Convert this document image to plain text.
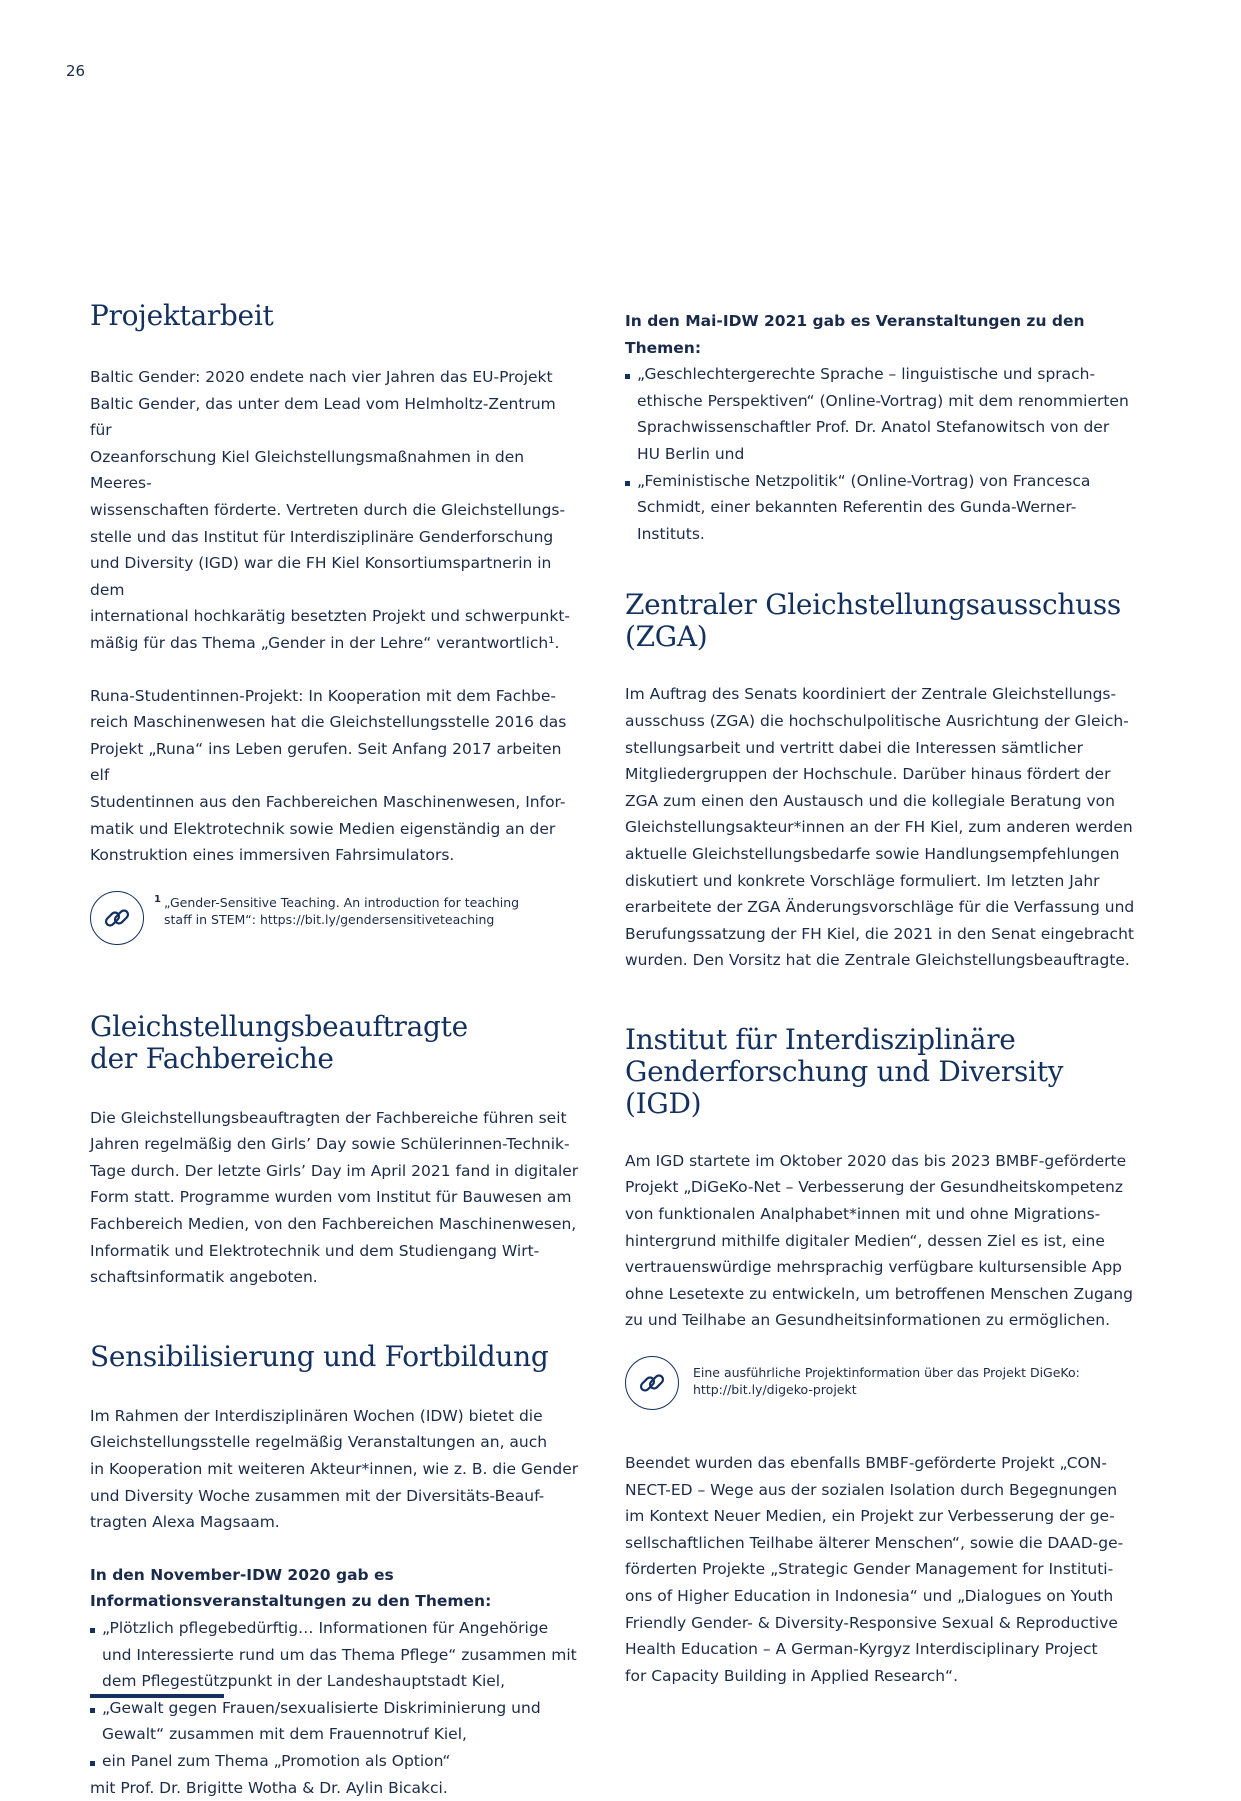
26
Projektarbeit

Baltic Gender: 2020 endete nach vier Jahren das EU-Projekt
Baltic Gender, das unter dem Lead vom Helmholtz-Zentrum für
Ozeanforschung Kiel Gleichstellungsmaßnahmen in den Meeres-
wissenschaften förderte. Vertreten durch die Gleichstellungs-
stelle und das Institut für Interdisziplinäre Genderforschung
und Diversity (IGD) war die FH Kiel Konsortiumspartnerin in dem
international hochkarätig besetzten Projekt und schwerpunkt-
mäßig für das Thema „Gender in der Lehre“ verantwortlich¹.

Runa-Studentinnen-Projekt: In Kooperation mit dem Fachbe-
reich Maschinenwesen hat die Gleichstellungsstelle 2016 das
Projekt „Runa“ ins Leben gerufen. Seit Anfang 2017 arbeiten elf
Studentinnen aus den Fachbereichen Maschinenwesen, Infor-
matik und Elektrotechnik sowie Medien eigenständig an der
Konstruktion eines immersiven Fahrsimulators.

$^1$ „Gender-Sensitive Teaching. An introduction for teaching
staff in STEM“: https://bit.ly/gendersensitiveteaching
Gleichstellungsbeauftragte
der Fachbereiche

Die Gleichstellungsbeauftragten der Fachbereiche führen seit
Jahren regelmäßig den Girls’ Day sowie Schülerinnen-Technik-
Tage durch. Der letzte Girls’ Day im April 2021 fand in digitaler
Form statt. Programme wurden vom Institut für Bauwesen am
Fachbereich Medien, von den Fachbereichen Maschinenwesen,
Informatik und Elektrotechnik und dem Studiengang Wirt-
schaftsinformatik angeboten.

Sensibilisierung und Fortbildung

Im Rahmen der Interdisziplinären Wochen (IDW) bietet die
Gleichstellungsstelle regelmäßig Veranstaltungen an, auch
in Kooperation mit weiteren Akteur*innen, wie z. B. die Gender
und Diversity Woche zusammen mit der Diversitäts-Beauf-
tragten Alexa Magsaam.

In den November-IDW 2020 gab es
Informationsveranstaltungen zu den Themen:
„Plötzlich pflegebedürftig… Informationen für Angehörige
und Interessierte rund um das Thema Pflege“ zusammen mit
dem Pflegestützpunkt in der Landeshauptstadt Kiel,
„Gewalt gegen Frauen/sexualisierte Diskriminierung und
Gewalt“ zusammen mit dem Frauennotruf Kiel,
ein Panel zum Thema „Promotion als Option“

mit Prof. Dr. Brigitte Wotha & Dr. Aylin Bicakci.

In den Mai-IDW 2021 gab es Veranstaltungen zu den Themen:
„Geschlechtergerechte Sprache – linguistische und sprach-
ethische Perspektiven“ (Online-Vortrag) mit dem renommierten
Sprachwissenschaftler Prof. Dr. Anatol Stefanowitsch von der
HU Berlin und
„Feministische Netzpolitik“ (Online-Vortrag) von Francesca
Schmidt, einer bekannten Referentin des Gunda-Werner-
Instituts.
Zentraler Gleichstellungsausschuss
(ZGA)

Im Auftrag des Senats koordiniert der Zentrale Gleichstellungs-
ausschuss (ZGA) die hochschulpolitische Ausrichtung der Gleich-
stellungsarbeit und vertritt dabei die Interessen sämtlicher
Mitgliedergruppen der Hochschule. Darüber hinaus fördert der
ZGA zum einen den Austausch und die kollegiale Beratung von
Gleichstellungsakteur*innen an der FH Kiel, zum anderen werden
aktuelle Gleichstellungsbedarfe sowie Handlungsempfehlungen
diskutiert und konkrete Vorschläge formuliert. Im letzten Jahr
erarbeitete der ZGA Änderungsvorschläge für die Verfassung und
Berufungssatzung der FH Kiel, die 2021 in den Senat eingebracht
wurden. Den Vorsitz hat die Zentrale Gleichstellungsbeauftragte.

Institut für Interdisziplinäre
Genderforschung und Diversity (IGD)

Am IGD startete im Oktober 2020 das bis 2023 BMBF-geförderte
Projekt „DiGeKo-Net – Verbesserung der Gesundheitskompetenz
von funktionalen Analphabet*innen mit und ohne Migrations-
hintergrund mithilfe digitaler Medien“, dessen Ziel es ist, eine
vertrauenswürdige mehrsprachig verfügbare kultursensible App
ohne Lesetexte zu entwickeln, um betroffenen Menschen Zugang
zu und Teilhabe an Gesundheitsinformationen zu ermöglichen.

Eine ausführliche Projektinformation über das Projekt DiGeKo:
http://bit.ly/digeko-projekt

Beendet wurden das ebenfalls BMBF-geförderte Projekt „CON-
NECT-ED – Wege aus der sozialen Isolation durch Begegnungen
im Kontext Neuer Medien, ein Projekt zur Verbesserung der ge-
sellschaftlichen Teilhabe älterer Menschen“, sowie die DAAD-ge-
förderten Projekte „Strategic Gender Management for Instituti-
ons of Higher Education in Indonesia“ und „Dialogues on Youth
Friendly Gender- & Diversity-Responsive Sexual & Reproductive
Health Education – A German-Kyrgyz Interdisciplinary Project
for Capacity Building in Applied Research“.
